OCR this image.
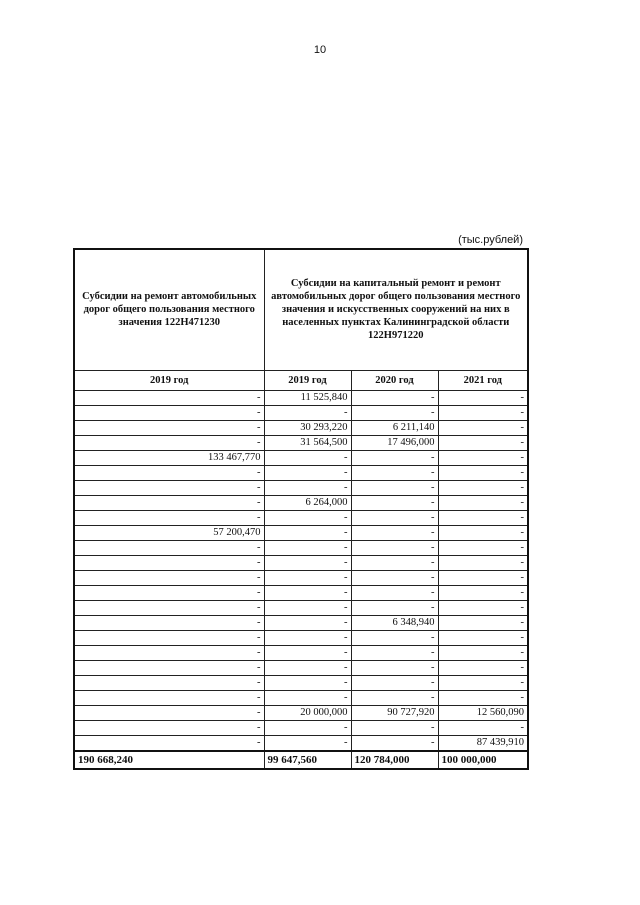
10
(тыс.рублей)
Субсидии на ремонт автомобильных дорог общего пользования местного значения 122Н471230	Субсидии на капитальный ремонт и ремонт автомобильных дорог общего пользования местного значения и искусственных сооружений на них в населенных пунктах Калининградской области 122Н971220		
2019 год	2019 год	2020 год	2021 год
-	11 525,840	-	-
-	-	-	-
-	30 293,220	6 211,140	-
-	31 564,500	17 496,000	-
133 467,770	-	-	-
-	-	-	-
-	-	-	-
-	6 264,000	-	-
-	-	-	-
57 200,470	-	-	-
-	-	-	-
-	-	-	-
-	-	-	-
-	-	-	-
-	-	-	-
-	-	6 348,940	-
-	-	-	-
-	-	-	-
-	-	-	-
-	-	-	-
-	-	-	-
-	20 000,000	90 727,920	12 560,090
-	-	-	-
-	-	-	87 439,910
190 668,240	99 647,560	120 784,000	100 000,000
